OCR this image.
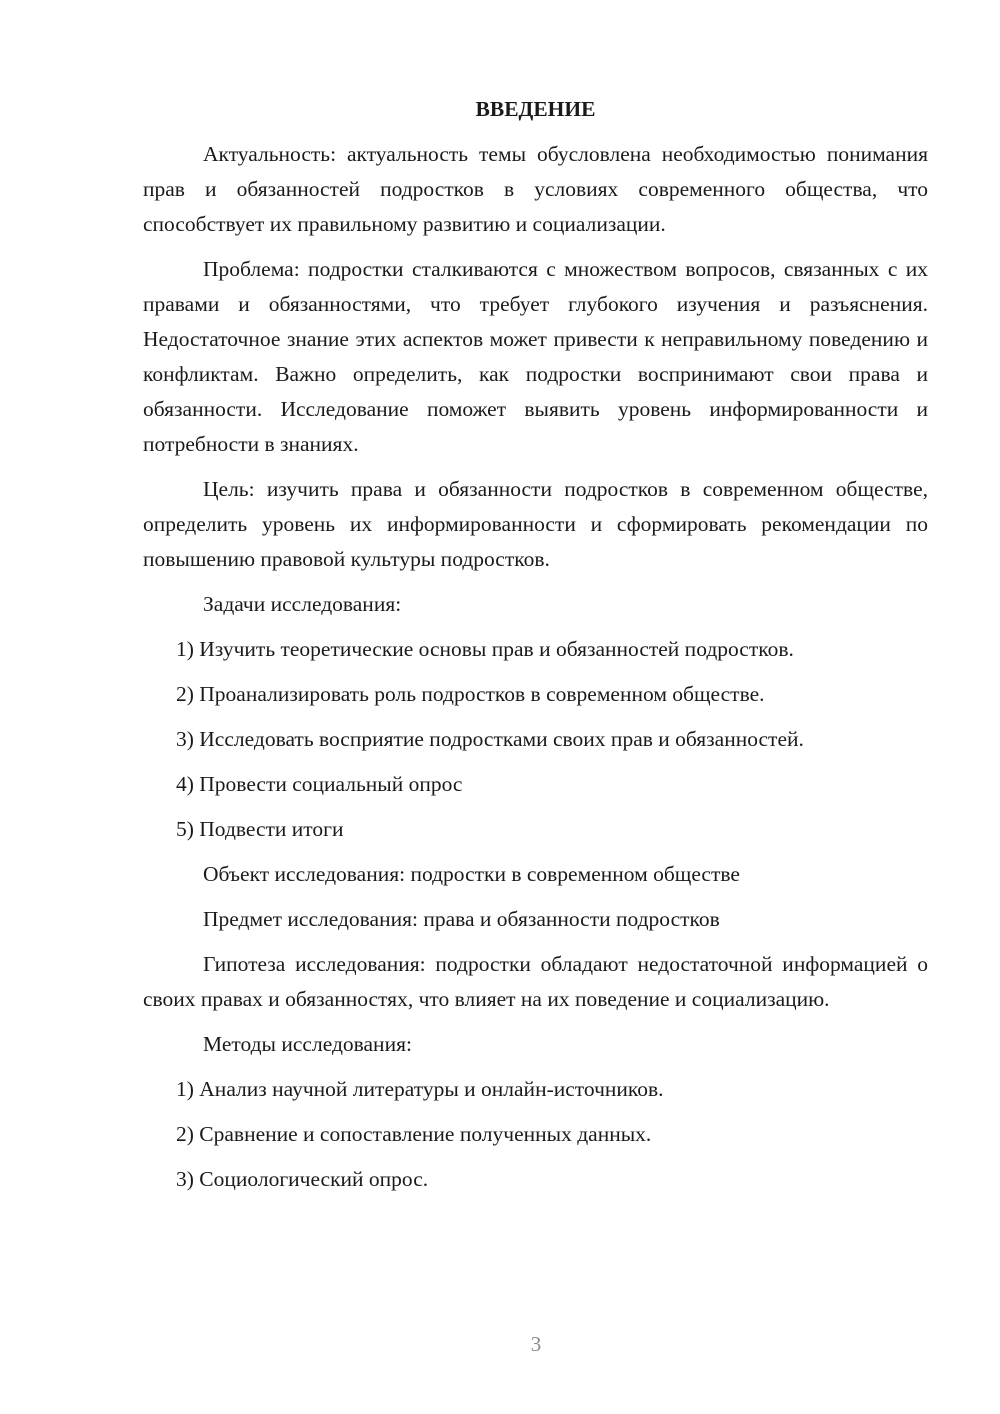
ВВЕДЕНИЕ

Актуальность: актуальность темы обусловлена необходимостью понимания прав и обязанностей подростков в условиях современного общества, что способствует их правильному развитию и социализации.

Проблема: подростки сталкиваются с множеством вопросов, связанных с их правами и обязанностями, что требует глубокого изучения и разъяснения. Недостаточное знание этих аспектов может привести к неправильному поведению и конфликтам. Важно определить, как подростки воспринимают свои права и обязанности. Исследование поможет выявить уровень информированности и потребности в знаниях.

Цель: изучить права и обязанности подростков в современном обществе, определить уровень их информированности и сформировать рекомендации по повышению правовой культуры подростков.

Задачи исследования:

1) Изучить теоретические основы прав и обязанностей подростков.
2) Проанализировать роль подростков в современном обществе.
3) Исследовать восприятие подростками своих прав и обязанностей.
4) Провести социальный опрос
5) Подвести итоги

Объект исследования: подростки в современном обществе

Предмет исследования: права и обязанности подростков

Гипотеза исследования: подростки обладают недостаточной информацией о своих правах и обязанностях, что влияет на их поведение и социализацию.

Методы исследования:

1) Анализ научной литературы и онлайн-источников.
2) Сравнение и сопоставление полученных данных.
3) Социологический опрос.
3
